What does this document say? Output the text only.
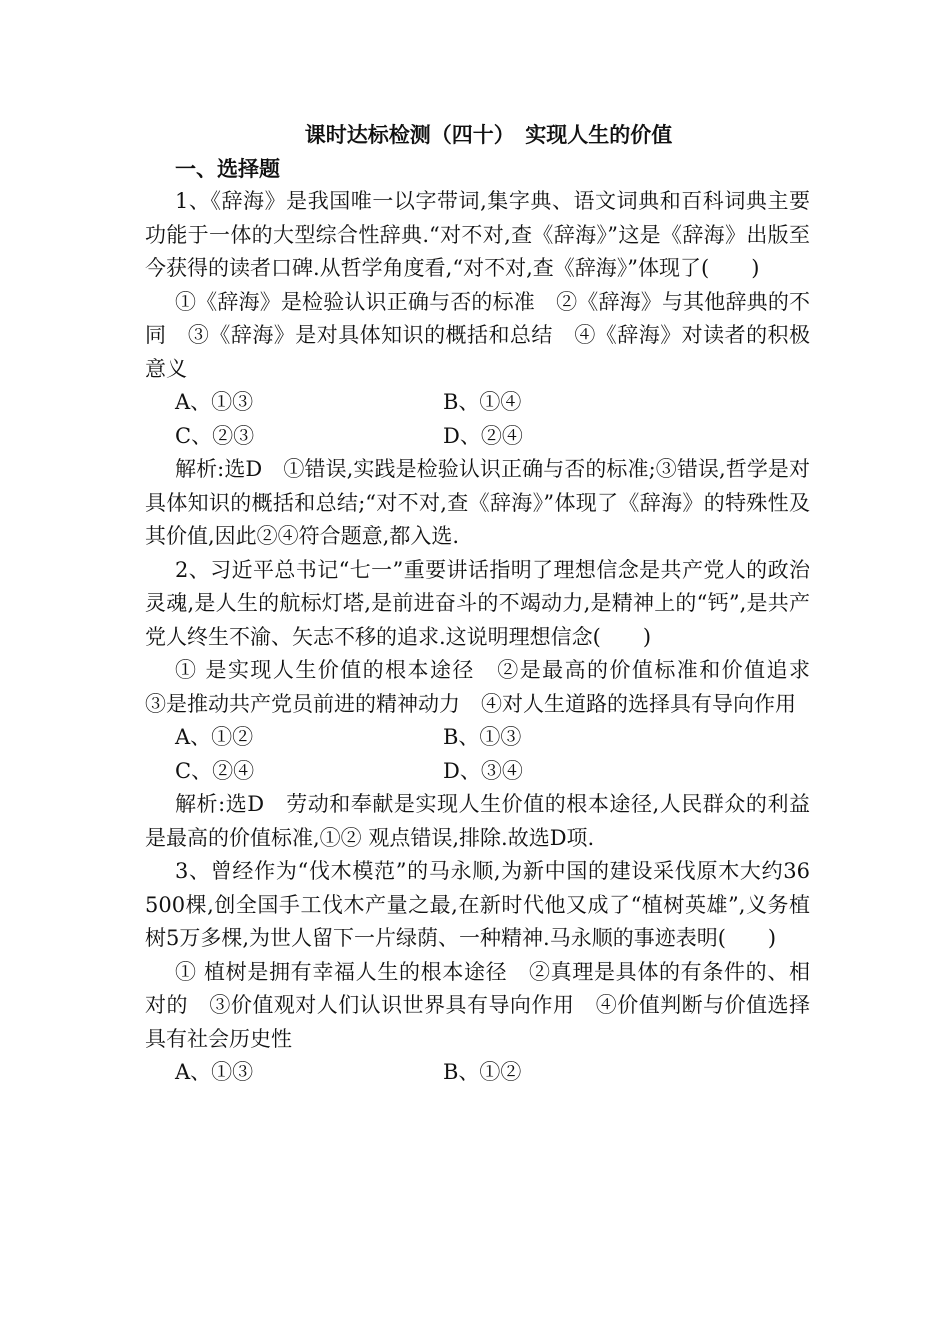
课时达标检测（四十）　实现人生的价值
一、选择题

1、《辞海》是我国唯一以字带词,集字典、语文词典和百科词典主要功能于一体的大型综合性辞典.“对不对,查《辞海》”这是《辞海》出版至今获得的读者口碑.从哲学角度看,“对不对,查《辞海》”体现了(　　)

①《辞海》是检验认识正确与否的标准　②《辞海》与其他辞典的不同　③《辞海》是对具体知识的概括和总结　④《辞海》对读者的积极意义

A、①③	B、①④
C、②③	D、②④

解析:选D　①错误,实践是检验认识正确与否的标准;③错误,哲学是对具体知识的概括和总结;“对不对,查《辞海》”体现了《辞海》的特殊性及其价值,因此②④符合题意,都入选.

2、习近平总书记“七一”重要讲话指明了理想信念是共产党人的政治灵魂,是人生的航标灯塔,是前进奋斗的不竭动力,是精神上的“钙”,是共产党人终生不渝、矢志不移的追求.这说明理想信念(　　)

① 是实现人生价值的根本途径　②是最高的价值标准和价值追求　③是推动共产党员前进的精神动力　④对人生道路的选择具有导向作用

A、①②	B、①③
C、②④	D、③④

解析:选D　劳动和奉献是实现人生价值的根本途径,人民群众的利益是最高的价值标准,①② 观点错误,排除.故选D项.

3、曾经作为“伐木模范”的马永顺,为新中国的建设采伐原木大约36 500棵,创全国手工伐木产量之最,在新时代他又成了“植树英雄”,义务植树5万多棵,为世人留下一片绿荫、一种精神.马永顺的事迹表明(　　)

① 植树是拥有幸福人生的根本途径　②真理是具体的有条件的、相对的　③价值观对人们认识世界具有导向作用　④价值判断与价值选择具有社会历史性

A、①③	B、①②
